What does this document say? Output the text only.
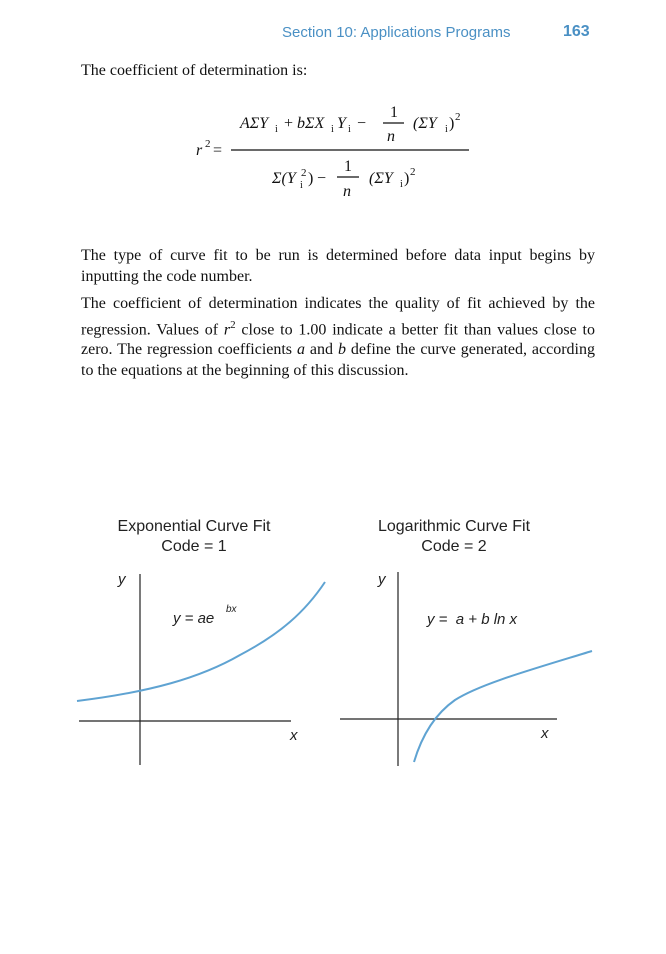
Section 10: Applications Programs	163
The coefficient of determination is:
r 2 =
AΣY i + bΣX i Y i −
1
n
(ΣY i ) 2
Σ(Y 2
i ) −
1
n
(ΣY i ) 2

The type of curve fit to be run is determined before data input begins by inputting the code number.

The coefficient of determination indicates the quality of fit achieved by the regression. Values of $r^2$ close to 1.00 indicate a better fit than values close to zero. The regression coefficients a and b define the curve generated, according to the equations at the beginning of this discussion.

Exponential Curve Fit
Code = 1
Logarithmic Curve Fit
Code = 2
y
x
y = ae
bx
y
x
y =  a + b ln x
